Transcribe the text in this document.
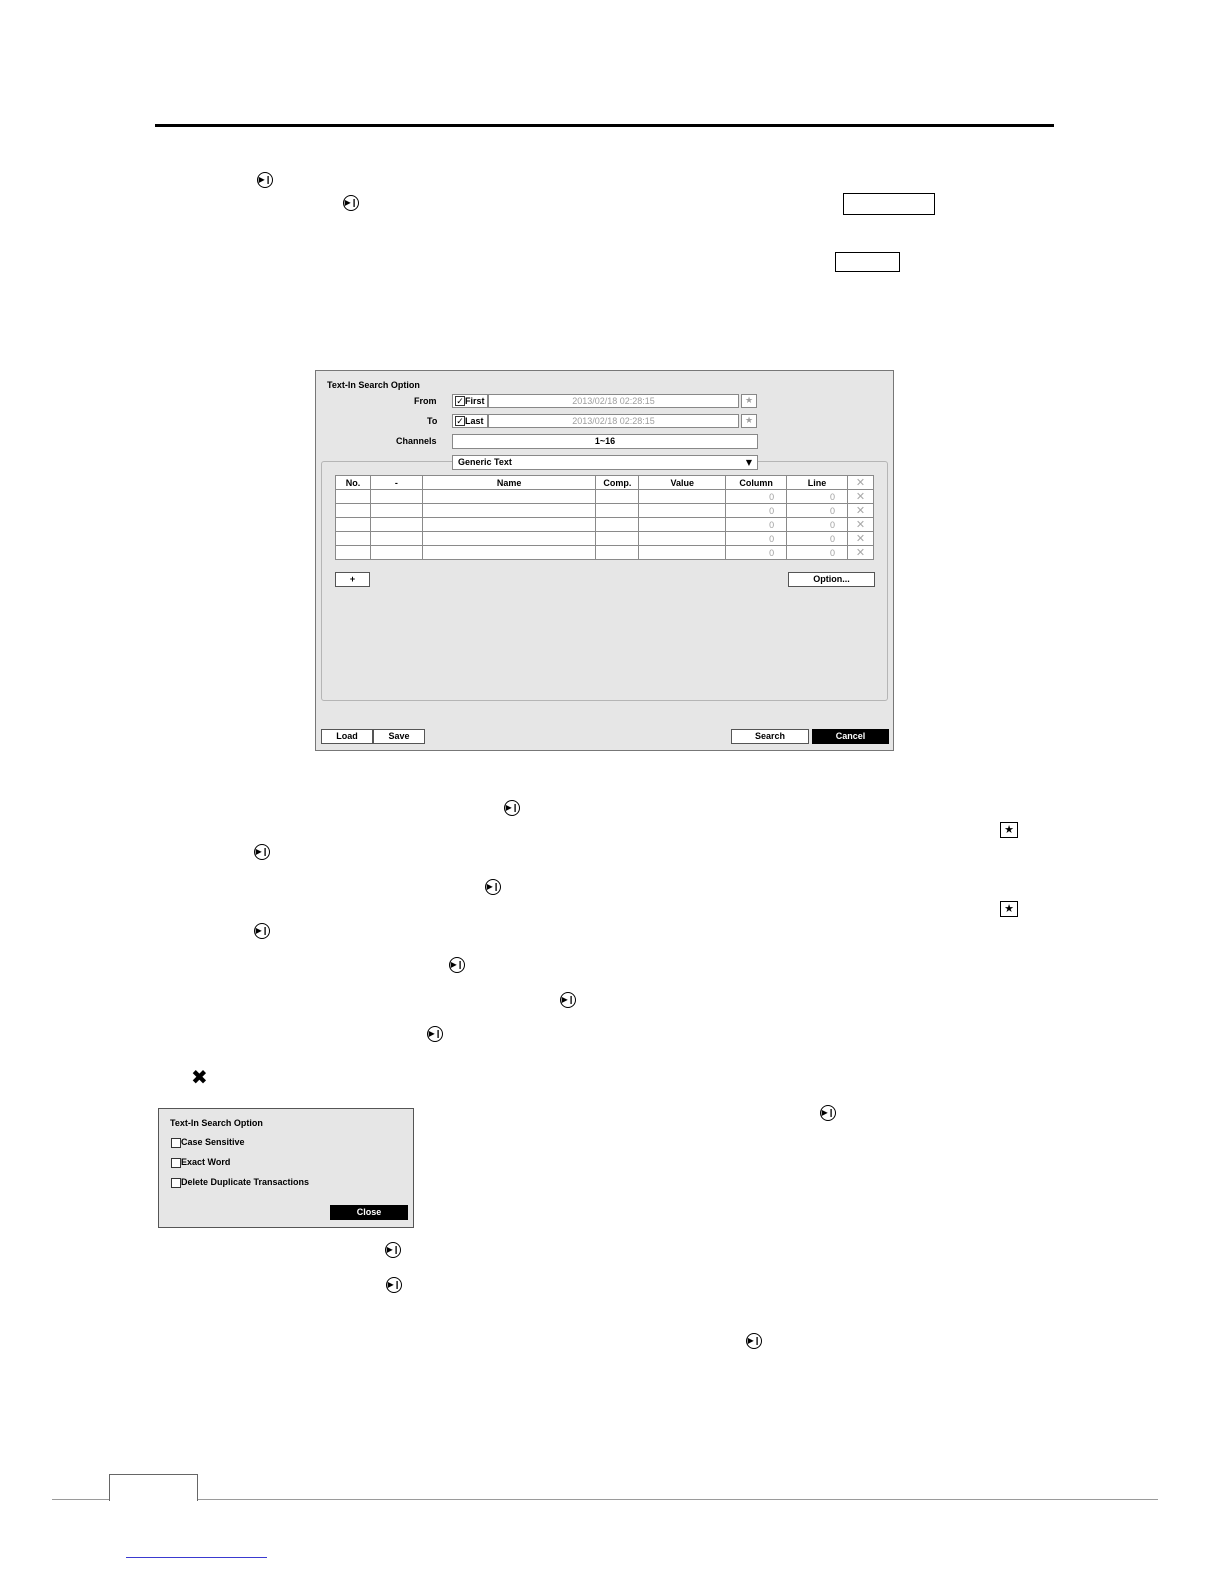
▶❙
▶❙
Text-In Search Option
From	✓First	2013/02/18 02:28:15	★
To	✓Last	2013/02/18 02:28:15	★
Channels	1~16
Generic Text	▼
No.	-	Name	Comp.	Value	Column	Line	✕
					0	0	✕
					0	0	✕
					0	0	✕
					0	0	✕
					0	0	✕
+	Option...
Load	Save	Search	Cancel
▶❙
★
▶❙
▶❙
★
▶❙
▶❙
▶❙
▶❙
✖
▶❙
Text-In Search Option
Case Sensitive
Exact Word
Delete Duplicate Transactions
Close
▶❙
▶❙
▶❙
